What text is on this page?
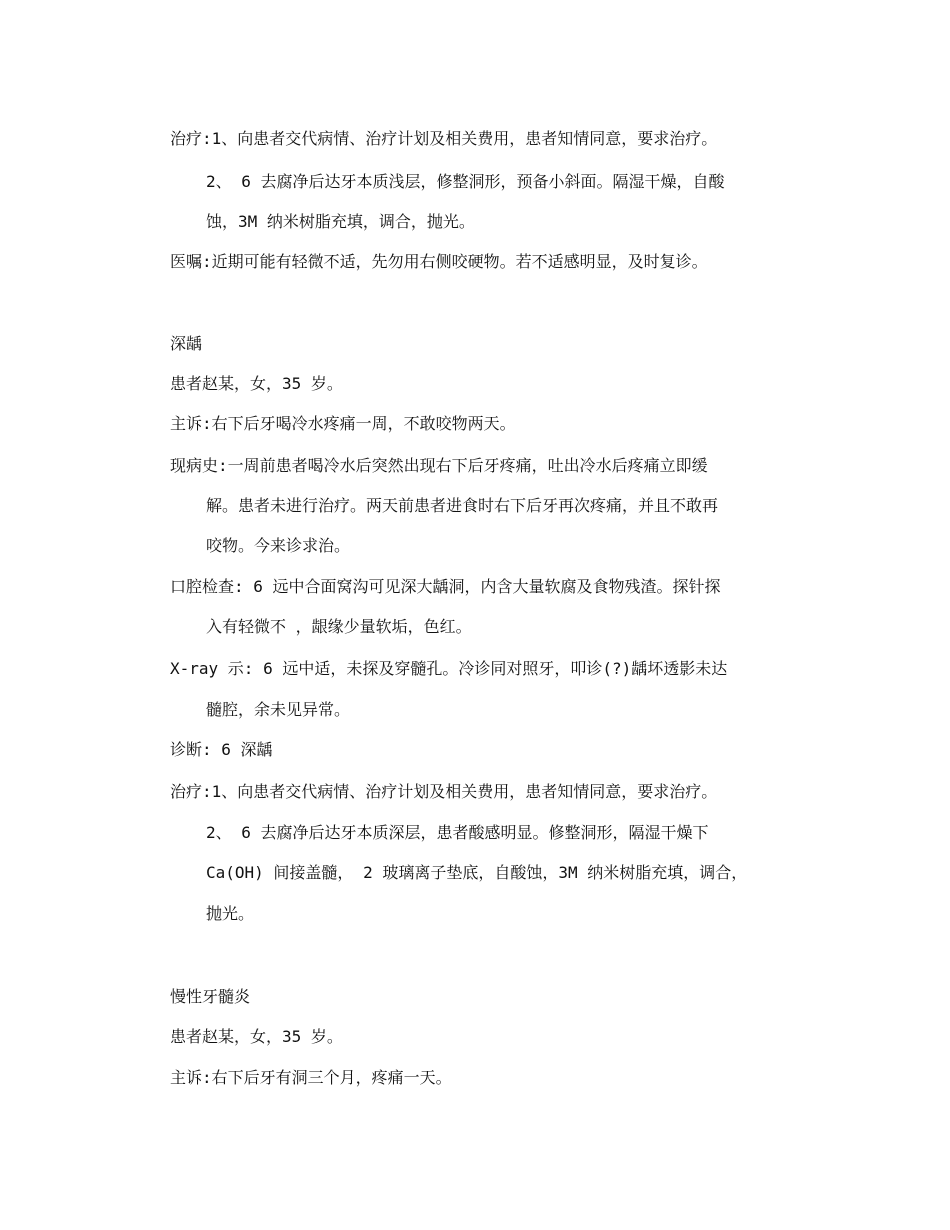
治疗:1、向患者交代病情、治疗计划及相关费用，患者知情同意，要求治疗。
2、 6 去腐净后达牙本质浅层，修整洞形，预备小斜面。隔湿干燥，自酸
蚀，3M 纳米树脂充填，调合，抛光。
医嘱:近期可能有轻微不适，先勿用右侧咬硬物。若不适感明显，及时复诊。
深龋
患者赵某，女，35 岁。
主诉:右下后牙喝冷水疼痛一周，不敢咬物两天。
现病史:一周前患者喝冷水后突然出现右下后牙疼痛，吐出冷水后疼痛立即缓
解。患者未进行治疗。两天前患者进食时右下后牙再次疼痛，并且不敢再
咬物。今来诊求治。
口腔检查: 6 远中合面窝沟可见深大龋洞，内含大量软腐及食物残渣。探针探
入有轻微不 ，龈缘少量软垢，色红。
X-ray 示: 6 远中适，未探及穿髓孔。冷诊同对照牙，叩诊(?)龋坏透影未达
髓腔，余未见异常。
诊断: 6 深龋
治疗:1、向患者交代病情、治疗计划及相关费用，患者知情同意，要求治疗。
2、 6 去腐净后达牙本质深层，患者酸感明显。修整洞形，隔湿干燥下
Ca(OH) 间接盖髓， 2 玻璃离子垫底，自酸蚀，3M 纳米树脂充填，调合，
抛光。
慢性牙髓炎
患者赵某，女，35 岁。
主诉:右下后牙有洞三个月，疼痛一天。
